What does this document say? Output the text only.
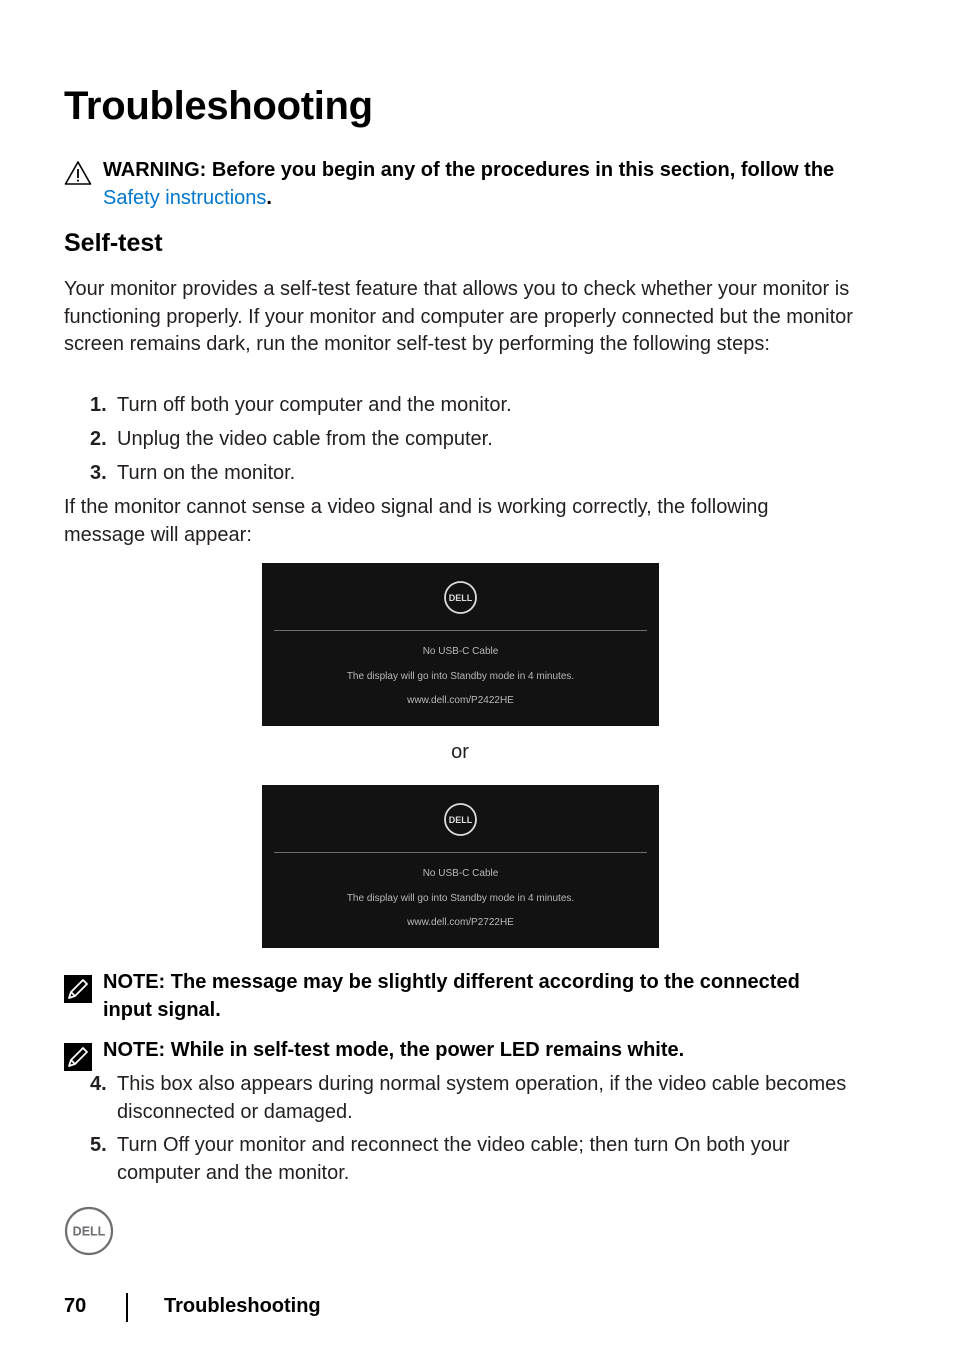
Troubleshooting
WARNING: Before you begin any of the procedures in this section, follow the Safety instructions.
Self-test

Your monitor provides a self-test feature that allows you to check whether your monitor is functioning properly. If your monitor and computer are properly connected but the monitor screen remains dark, run the monitor self-test by performing the following steps:

1. Turn off both your computer and the monitor.
2. Unplug the video cable from the computer.
3. Turn on the monitor.

If the monitor cannot sense a video signal and is working correctly, the following message will appear:

DELL
No USB-C Cable
The display will go into Standby mode in 4 minutes.
www.dell.com/P2422HE
or
DELL
No USB-C Cable
The display will go into Standby mode in 4 minutes.
www.dell.com/P2722HE
NOTE: The message may be slightly different according to the connected input signal.
NOTE: While in self-test mode, the power LED remains white.
4. This box also appears during normal system operation, if the video cable becomes disconnected or damaged.
5. Turn Off your monitor and reconnect the video cable; then turn On both your computer and the monitor.
DELL
70	Troubleshooting
